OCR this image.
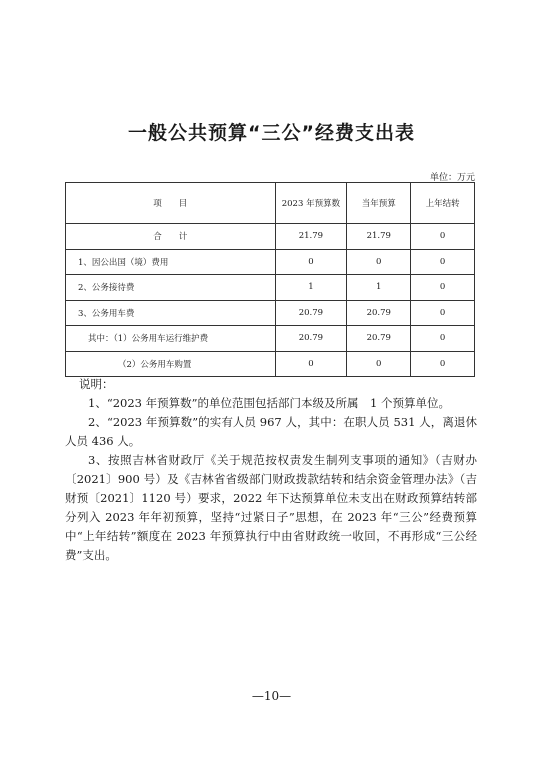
一般公共预算“三公”经费支出表
单位：万元
项　　目	2023 年预算数	当年预算	上年结转
合　　计	21.79	21.79	0
1、因公出国（境）费用	0	0	0
2、公务接待费	1	1	0
3、公务用车费	20.79	20.79	0
其中：（1）公务用车运行维护费	20.79	20.79	0
（2）公务用车购置	0	0	0

说明：

1、“2023 年预算数”的单位范围包括部门本级及所属　1 个预算单位。

2、“2023 年预算数”的实有人员 967 人，其中：在职人员 531 人，离退休人员 436 人。

3、按照吉林省财政厅《关于规范按权责发生制列支事项的通知》（吉财办〔2021〕900 号）及《吉林省省级部门财政拨款结转和结余资金管理办法》（吉财预〔2021〕1120 号）要求，2022 年下达预算单位未支出在财政预算结转部分列入 2023 年年初预算，坚持“过紧日子”思想，在 2023 年“三公”经费预算中“上年结转”额度在 2023 年预算执行中由省财政统一收回，不再形成“三公经费”支出。

—10—
